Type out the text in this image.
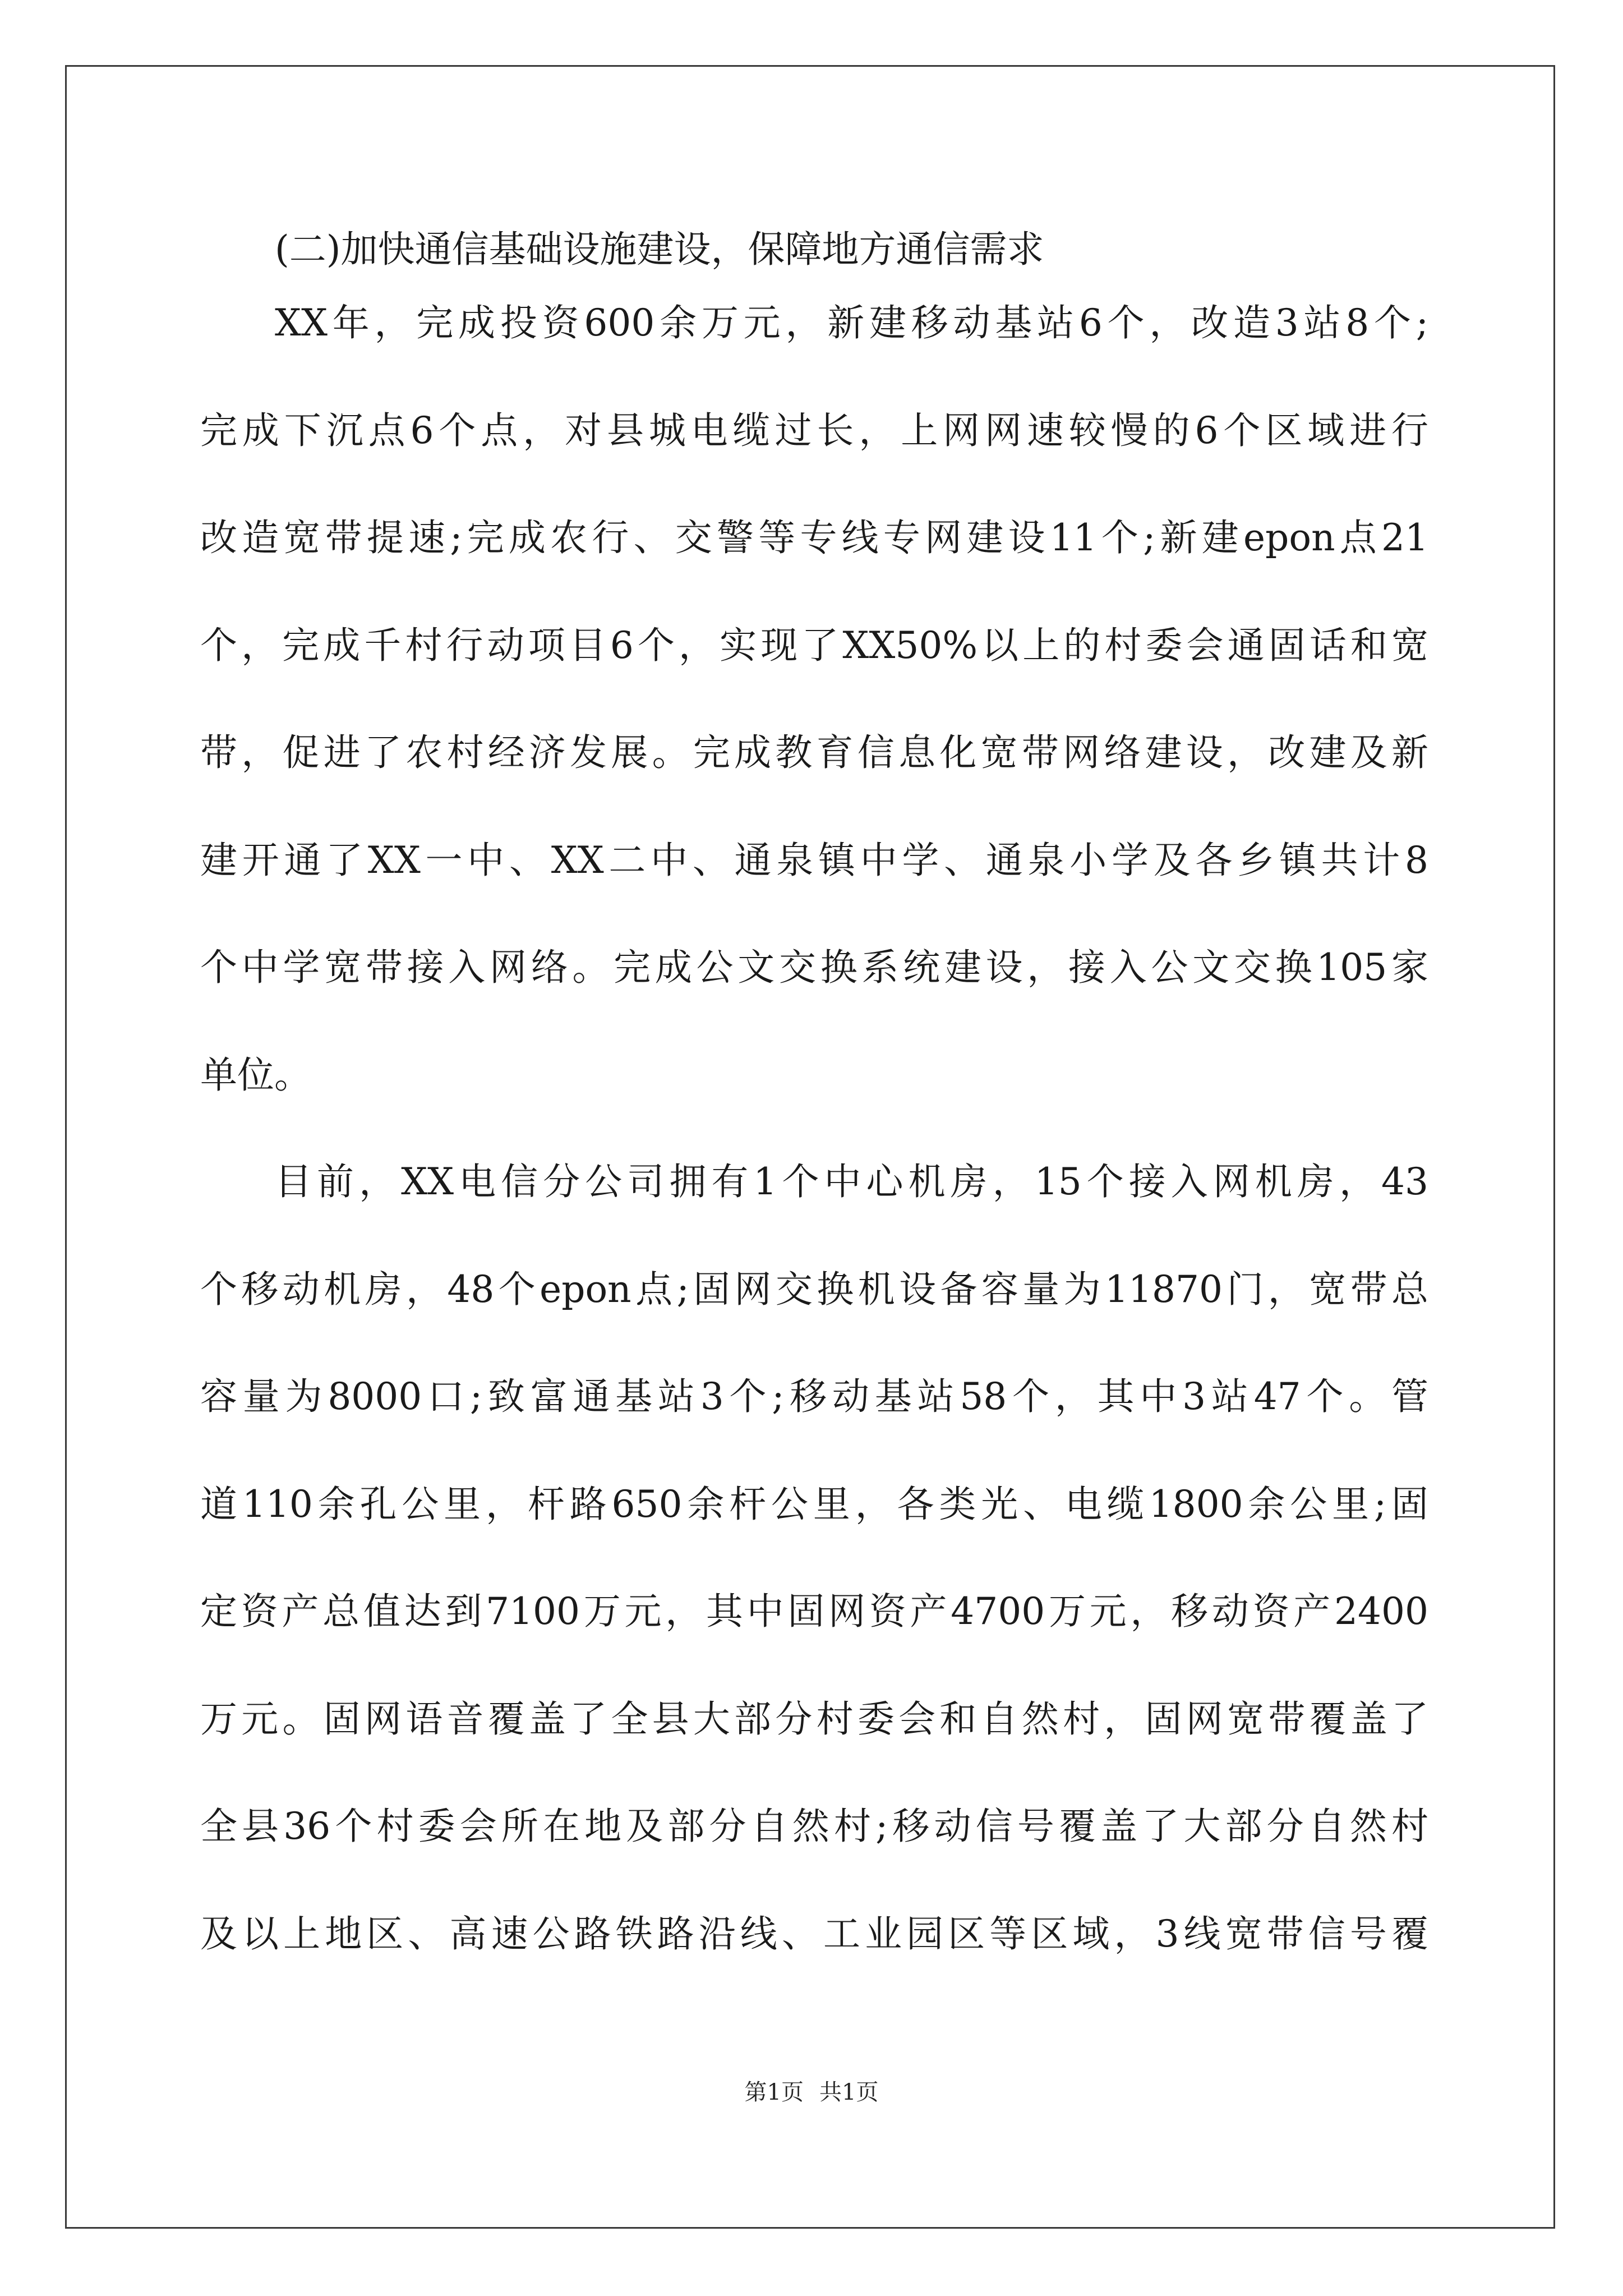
(二)加快通信基础设施建设，保障地方通信需求
XX年，完成投资600余万元，新建移动基站6个，改造3站8个;
完成下沉点6个点，对县城电缆过长，上网网速较慢的6个区域进行
改造宽带提速;完成农行、交警等专线专网建设11个;新建epon点21
个，完成千村行动项目6个，实现了XX50%以上的村委会通固话和宽
带，促进了农村经济发展。完成教育信息化宽带网络建设，改建及新
建开通了XX一中、XX二中、通泉镇中学、通泉小学及各乡镇共计8
个中学宽带接入网络。完成公文交换系统建设，接入公文交换105家
单位。
目前，XX电信分公司拥有1个中心机房，15个接入网机房，43
个移动机房，48个epon点;固网交换机设备容量为11870门，宽带总
容量为8000口;致富通基站3个;移动基站58个，其中3站47个。管
道110余孔公里，杆路650余杆公里，各类光、电缆1800余公里;固
定资产总值达到7100万元，其中固网资产4700万元，移动资产2400
万元。固网语音覆盖了全县大部分村委会和自然村，固网宽带覆盖了
全县36个村委会所在地及部分自然村;移动信号覆盖了大部分自然村
及以上地区、高速公路铁路沿线、工业园区等区域，3线宽带信号覆
第1页 共1页
